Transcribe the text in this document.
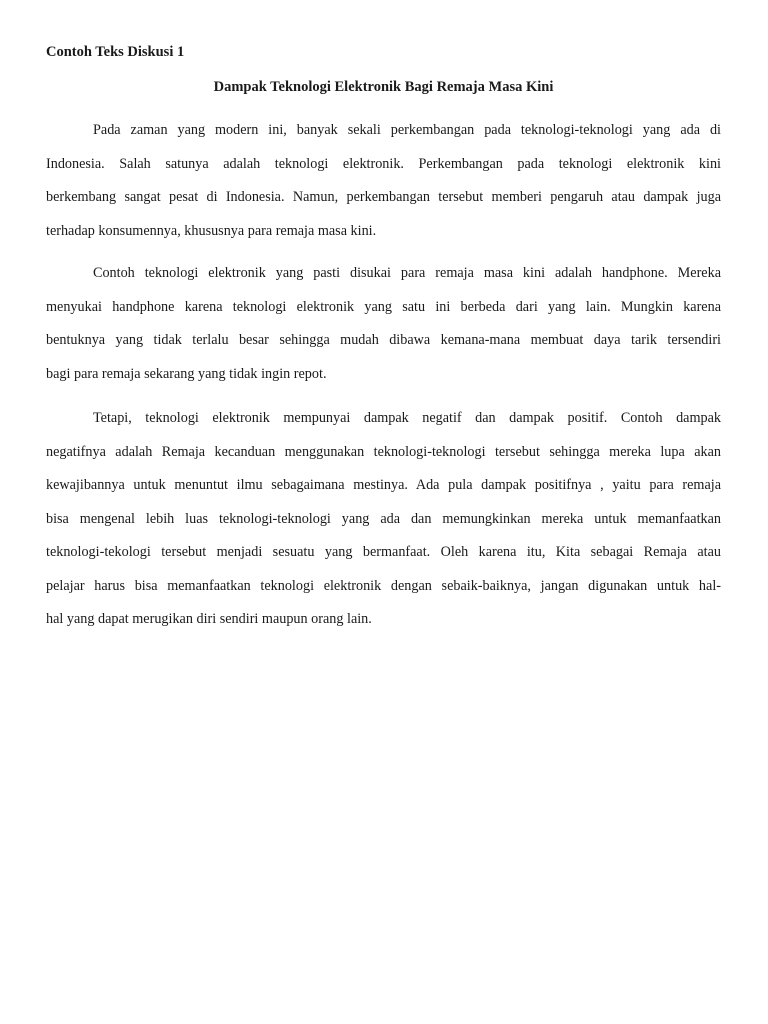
Contoh Teks Diskusi 1
Dampak Teknologi Elektronik Bagi Remaja Masa Kini
Pada zaman yang modern ini, banyak sekali perkembangan pada teknologi-teknologi yang ada di
Indonesia. Salah satunya adalah teknologi elektronik. Perkembangan pada teknologi elektronik kini
berkembang sangat pesat di Indonesia. Namun, perkembangan tersebut memberi pengaruh atau dampak juga
terhadap konsumennya, khususnya para remaja masa kini.
Contoh teknologi elektronik yang pasti disukai para remaja masa kini adalah handphone. Mereka
menyukai handphone karena teknologi elektronik yang satu ini berbeda dari yang lain. Mungkin karena
bentuknya yang tidak terlalu besar sehingga mudah dibawa kemana-mana membuat daya tarik tersendiri
bagi para remaja sekarang yang tidak ingin repot.
Tetapi, teknologi elektronik mempunyai dampak negatif dan dampak positif. Contoh dampak
negatifnya adalah Remaja kecanduan menggunakan teknologi-teknologi tersebut sehingga mereka lupa akan
kewajibannya untuk menuntut ilmu sebagaimana mestinya. Ada pula dampak positifnya , yaitu para remaja
bisa mengenal lebih luas teknologi-teknologi yang ada dan memungkinkan mereka untuk memanfaatkan
teknologi-tekologi tersebut menjadi sesuatu yang bermanfaat. Oleh karena itu, Kita sebagai Remaja atau
pelajar harus bisa memanfaatkan teknologi elektronik dengan sebaik-baiknya, jangan digunakan untuk hal-
hal yang dapat merugikan diri sendiri maupun orang lain.
